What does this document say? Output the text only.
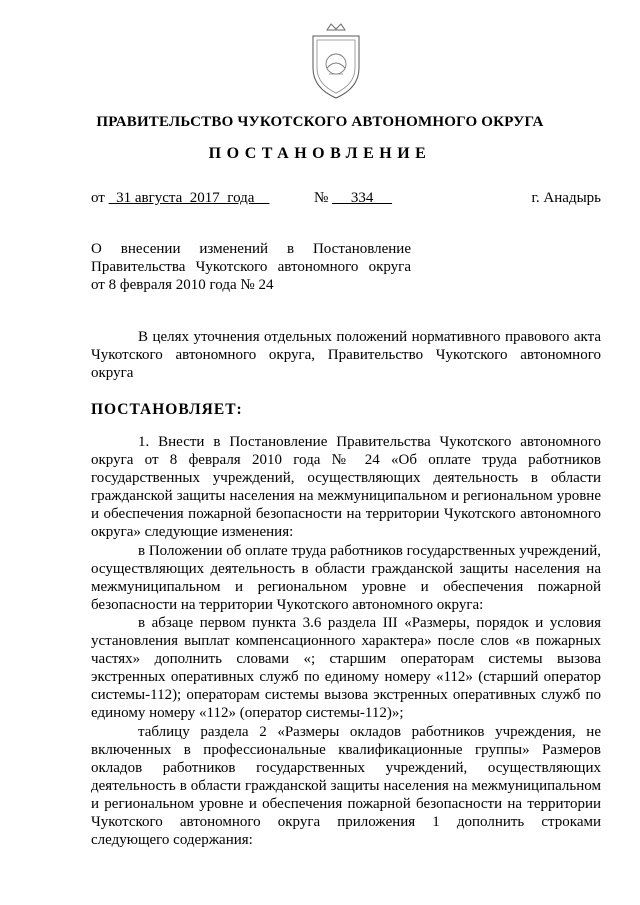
ПРАВИТЕЛЬСТВО ЧУКОТСКОГО АВТОНОМНОГО ОКРУГА
ПОСТАНОВЛЕНИЕ
от   31 августа  2017  года	№      334	г. Анадырь
О внесении изменений в Постановление
Правительства Чукотского автономного округа
от 8 февраля 2010 года № 24

В целях уточнения отдельных положений нормативного правового акта Чукотского автономного округа, Правительство Чукотского автономного округа

ПОСТАНОВЛЯЕТ:

1. Внести в Постановление Правительства Чукотского автономного округа от 8 февраля 2010 года № 24 «Об оплате труда работников государственных учреждений, осуществляющих деятельность в области гражданской защиты населения на межмуниципальном и региональном уровне и обеспечения пожарной безопасности на территории Чукотского автономного округа» следующие изменения:

в Положении об оплате труда работников государственных учреждений, осуществляющих деятельность в области гражданской защиты населения на межмуниципальном и региональном уровне и обеспечения пожарной безопасности на территории Чукотского автономного округа:

в абзаце первом пункта 3.6 раздела III «Размеры, порядок и условия установления выплат компенсационного характера» после слов «в пожарных частях» дополнить словами «; старшим операторам системы вызова экстренных оперативных служб по единому номеру «112» (старший оператор системы-112); операторам системы вызова экстренных оперативных служб по единому номеру «112» (оператор системы-112)»;

таблицу раздела 2 «Размеры окладов работников учреждения, не включенных в профессиональные квалификационные группы» Размеров окладов работников государственных учреждений, осуществляющих деятельность в области гражданской защиты населения на межмуниципальном и региональном уровне и обеспечения пожарной безопасности на территории Чукотского автономного округа приложения 1 дополнить строками следующего содержания:
